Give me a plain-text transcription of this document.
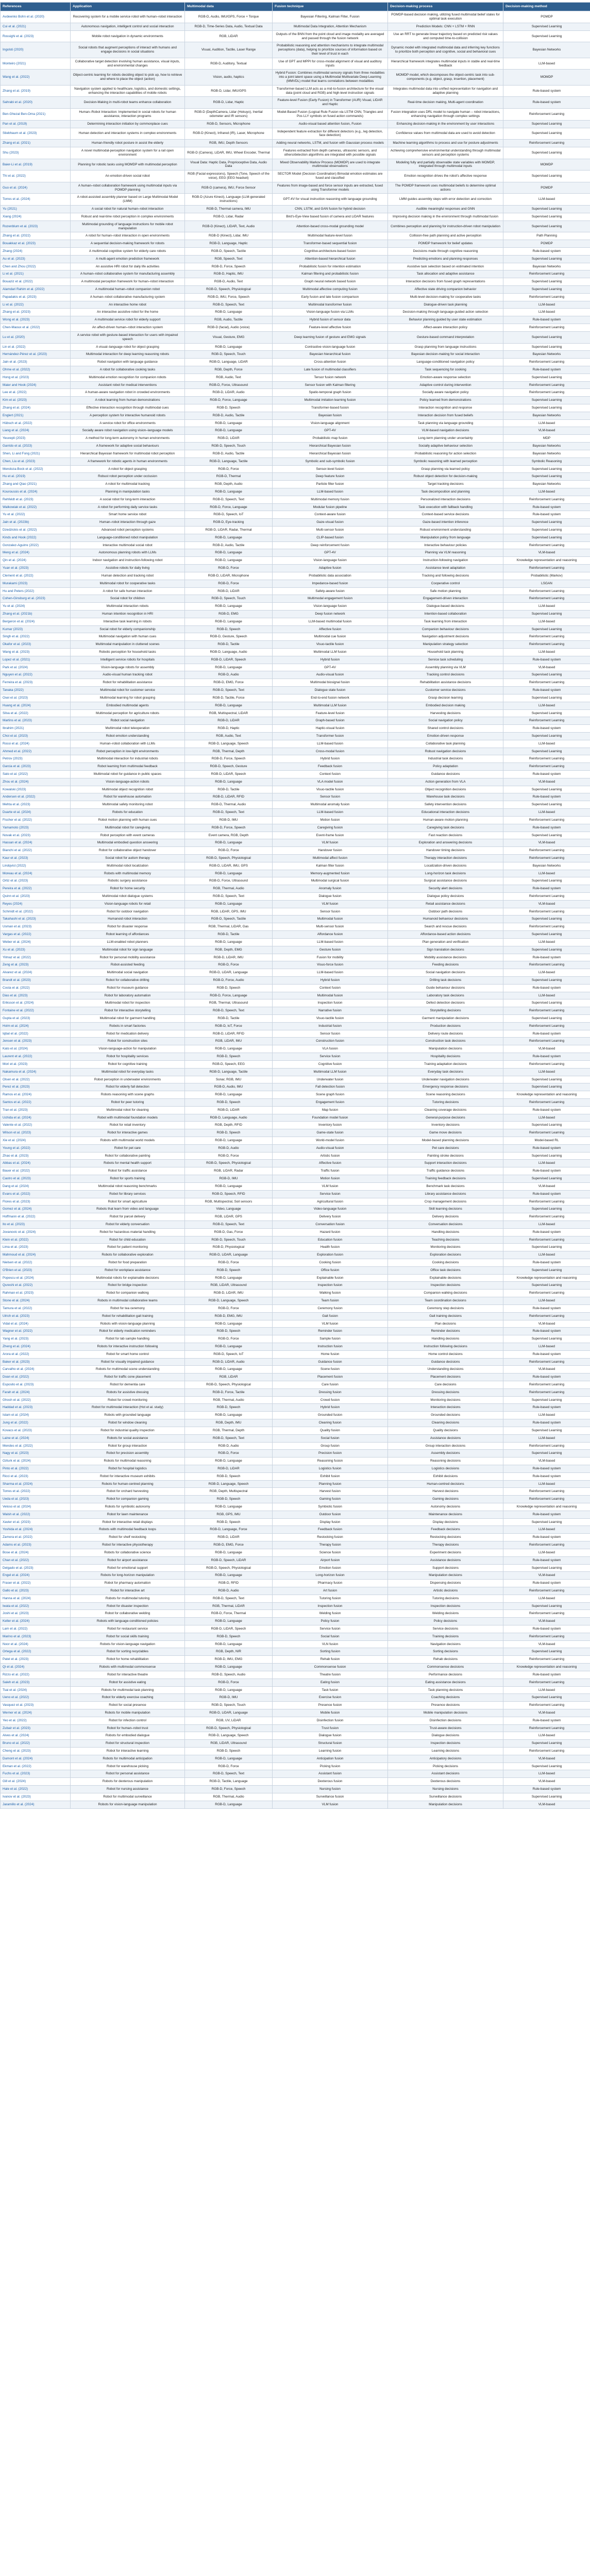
References	Application	Multimodal data	Fusion technique	Decision-making process	Decision-making method
Avdeenko Bohn et al. (2020)	Recovering system for a mobile service robot with human–robot interaction	RGB-D, Audio, IMU/GPS, Force + Torque	Bayesian Filtering, Kalman Filter, Fusion	POMDP-based decision making, utilizing fused multimodal belief states for optimal task execution	POMDP
Cui et al. (2021)	Autonomous navigation, intelligent control and social interaction	RGB-D, Time-Series Data, Audio, Textual Data	Multimodal Data Integration, Attention Mechanism	Prediction Models: CNN + LSTM + RNN	Supervised Learning
Rossighi et al. (2023)	Mobile robot navigation in dynamic environments	RGB, LiDAR	Outputs of the BNN from the point cloud and image modality are averaged and passed through the fusion network	Use an RRT to generate linear trajectory based on predicted risk values and computed time-to-collision	Supervised Learning
Ingolsti (2020)	Social robots that augment perceptions of interact with humans and engage decisions in social situations	Visual, Audition, Tactile, Laser Range	Probabilistic reasoning and attention mechanisms to integrate multimodal perceptions (data), helping to prioritize sources of information based on their level of trust in each	Dynamic model with integrated multimodal data and inferring key functions to prioritize both perception and cognitive, social and behavioral cues	Bayesian Networks
Monteiro (2021)	Collaborative target detection involving human assistance, visual inputs, and environmental changes	RGB-D, Auditory, Textual	Use of GPT and MPPI for cross-modal alignment of visual and auditory inputs	Hierarchical framework integrates multimodal inputs in stable and real-time feedback	LLM-based
Wang et al. (2022)	Object-centric learning for robots deciding object to pick up, how to retrieve and where to place the object (action)	Vision, audio, haptics	Hybrid Fusion: Combines multimodal sensory signals from three modalities into a joint latent space using a Multimodal Multivariate Deep Learning (MMVDL) model that learns correlations between modalities	MOMDP model, which decomposes the object-centric task into sub-components (e.g. object, grasp, insertion, placement)	MOMDP
Zhang et al. (2019)	Navigation system applied to healthcare, logistics, and domestic settings, enhancing the interaction capabilities of mobile robots	RGB-D, Lidar, IMU/GPS	Transformer-based LLM acts as a mid-to-fusion architecture for the visual data (point cloud and RGB) and high-level instruction signals	Integrates multimodal data into unified representation for navigation and adaptive planning	Rule-based system
Sahrabi et al. (2020)	Decision-Making in multi-robot teams enhance collaboration	RGB-D, Lidar, Haptic	Feature-level Fusion (Early Fusion) in Transformer (AUR) Visual, LIDAR and Haptic	Real-time decision making, Multi-agent coordination	Rule-based system
Ben-Ghezal Ben-Oma (2021)	Human–Robot Interaction: Implemented in social robots for human assistance, interaction programs	RGB-D (DepthCamera, Lidar (Hokuyo), Inertial odometer and IR sensors)	Model-Based Fusion (Logical Rule Fusion via LSTM CNN, Triangles and Pos LLY symbols on fused action commands)	Fusion integration uses DRL model to navigate human – robot interactions, enhancing navigation through complex settings	Reinforcement Learning
Pan et al. (2019)	Determining interaction initiation by commonplace cues	RGB-D, Sensors, Microphone	Audio-visual based attention fusion, Fusion	Enhancing decision-making in the environment by user interactions	Supervised Learning
Stiebhaum et al. (2023)	Human detection and interaction systems in complex environments	RGB-D (Kinect), Infrared (IR), Laser, Microphone	Independent feature extraction for different detectors (e.g., leg detection, face detection)	Confidence values from multimodal data are used to avoid detection	Supervised Learning
Zhang et al. (2021)	Human-friendly robot posture in assist the elderly	RGB, IMU, Depth Sensors	Adding neural networks, LSTM, and fusion with Gaussian process models	Machine learning algorithms to process and use for posture adjustments	Reinforcement Learning
Shu (2023)	A novel multimodal-perception navigation system for a rail open environment	RGB-D (Camera), LiDAR, IMU, Wheel Encoder, Thermal	Features extracted from depth cameras, ultrasonic sensors, and others/detection algorithms are integrated with possible signals	Achieving comprehensive environmental understanding through multimodal sensors and perception systems	Supervised Learning
Baier-Li et al. (2019)	Planning for robotic tasks using MOMDP with multimodal perception	Visual Data: Haptic Data, Proprioceptive Data, Audio Data	Mixed Observability Markov Process (MOMDP) are used to integrate multimodal observations	Modeling fully and partially observable state variables with MOMDP, integrated through multimodal inputs	MOMDP
Thi et al. (2022)	An emotion-driven social robot	RGB (Facial expressions), Speech (Tone, Speech of the voice), EEG (EEG headset)	SECTOR Model (Decision Coordination) Bimodal emotion estimates are fused and classified	Emotion recognition drives the robot's affective response	Supervised Learning
Guo et al. (2024)	A human–robot collaboration framework using multimodal inputs via POMDP planning	RGB-D (camera), IMU, Force Sensor	Features from image-based and force sensor inputs are extracted, fused using Transformer models	The POMDP framework uses multimodal beliefs to determine optimal actions	POMDP
Torres et al. (2024)	A robot-assisted assembly planner based on Large Multimodal Model (LMM)	RGB-D (Azure Kinect), Language (LLM-generated instructions)	GPT-4V for visual instruction reasoning with language grounding	LMM guides assembly steps with error detection and correction	LLM-based
Yu (2021)	A social robot for natural human–robot interaction	RGB-D, Thermal camera, IMU	CNN, LSTM, and GAN fusion for hybrid decision	Audible meaningful responses and GNN	Supervised Learning
Xiang (2024)	Robust and real-time robot perception in complex environments	RGB-D, Lidar, Radar	Bird's-Eye-View based fusion of camera and LiDAR features	Improving decision making in the environment through multimodal fusion	Supervised Learning
Rozenblum et al. (2023)	Multimodal grounding of language instructions for mobile robot manipulation	RGB-D (Kinect), LIDAR, Text, Audio	Attention-based cross-modal grounding model	Combines perception and planning for instruction-driven robot manipulation	Supervised Learning
Zhang et al. (2022)	A robot for human–robot interaction in open environments	RGB-D (Kinect), Lidar, IMU	Multimodal feature-level fusion	Collision-free path planning and active perception	Path Planning
Bouakkaz et al. (2023)	A sequential decision-making framework for robots	RGB-D, Language, Haptic	Transformer-based sequential fusion	POMDP framework for belief updates	POMDP
Zhang (2024)	A multimodal cognitive system for elderly care robots	RGB-D, Speech, Tactile	Cognitive-architecture-based fusion	Decisions made through cognitive reasoning	Rule-based system
Au et al. (2023)	A multi-agent emotion prediction framework	RGB, Speech, Text	Attention-based hierarchical fusion	Predicting emotions and planning responses	Supervised Learning
Chen and Zhou (2022)	An assistive HRI robot for daily life activities	RGB-D, Force, Speech	Probabilistic fusion for intention estimation	Assistive task selection based on estimated intention	Bayesian Networks
Li et al. (2021)	A human–robot collaborative system for manufacturing assembly	RGB-D, Haptic, IMU	Kalman filtering and probabilistic fusion	Task allocation and adaptive assistance	Reinforcement Learning
Bouaziz et al. (2022)	A multimodal perception framework for human–robot interaction	RGB-D, Audio, Text	Graph neural network based fusion	Interaction decisions from fused graph representations	Supervised Learning
Alamdari Rahim et al. (2022)	A multimodal human–robot companion robot	RGB-D, Speech, Physiological	Multimodal affective computing fusion	Affective state driving companion behavior	Supervised Learning
Papadakis et al. (2023)	A human–robot collaborative manufacturing system	RGB-D, IMU, Force, Speech	Early fusion and late fusion comparison	Multi-level decision-making for cooperative tasks	Reinforcement Learning
Li et al. (2022)	An interactive home robot	RGB-D, Speech, Text	Multimodal transformer fusion	Dialogue-driven task planning	LLM-based
Zhang et al. (2023)	An interactive assistive robot for the home	RGB-D, Language	Vision-language fusion via LLMs	Decision-making through language-guided action selection	LLM-based
Wong et al. (2023)	A multimodal service robot for elderly support	RGB, Audio, Tactile	Hybrid fusion of sensor data	Behavior planning guided by user state estimation	Rule-based system
Chen-Maoux et al. (2022)	An affect-driven human–robot interaction system	RGB-D (facial), Audio (voice)	Feature-level affective fusion	Affect-aware interaction policy	Reinforcement Learning
Lu et al. (2020)	A service robot with gesture-based interaction for users with impaired speech	Visual, Gesture, EMG	Deep learning fusion of gesture and EMG signals	Gesture-based command interpretation	Supervised Learning
Lin et al. (2022)	A visual–language robot for object grasping	RGB-D, Language	Contrastive vision-language fusion	Grasp planning from language instructions	Supervised Learning
Hernández-Pérez et al. (2023)	Multimodal interaction for deep learning reasoning robots	RGB-D, Speech, Touch	Bayesian hierarchical fusion	Bayesian decision-making for social interaction	Bayesian Networks
Jain et al. (2023)	Robot navigation with language guidance	RGB-D, Language, LiDAR	Cross-attention fusion	Language-conditioned navigation policy	Reinforcement Learning
Ohme et al. (2022)	A robot for collaborative cooking tasks	RGB, Depth, Force	Late fusion of multimodal classifiers	Task sequencing for cooking	Rule-based system
Hong et al. (2023)	Multimodal emotion recognition for companion robots	RGB, Audio, Text	Tensor fusion network	Emotion-aware response selection	Supervised Learning
Maier and Hook (2024)	Assistant robot for medical interventions	RGB-D, Force, Ultrasound	Sensor fusion with Kalman filtering	Adaptive control during intervention	Reinforcement Learning
Lee et al. (2022)	A human-aware navigation robot in crowded environments	RGB-D, LiDAR, Audio	Spatio-temporal graph fusion	Socially aware navigation policy	Reinforcement Learning
Kim et al. (2023)	A robot learning from human demonstrations	RGB-D, Force, Language	Multimodal imitation learning fusion	Policy learned from demonstrations	Supervised Learning
Zhang et al. (2024)	Effective interaction recognition through multimodal cues	RGB-D, Speech	Transformer-based fusion	Interaction recognition and response	Supervised Learning
Englert (2021)	A perception system for interactive humanoid robots	RGB-D, Audio, Tactile	Bayesian fusion	Interaction decision from fused beliefs	Bayesian Networks
Hübsch et al. (2022)	A service robot for office environments	RGB-D, Language	Vision-language alignment	Task planning via language grounding	LLM-based
Liang et al. (2024)	Socially aware robot navigation using vision–language models	RGB-D, Language	GPT-4V	VLM-based navigation decisions	VLM-based
Yeuvepli (2023)	A method for long-term autonomy in human environments	RGB-D, LiDAR	Probabilistic map fusion	Long-term planning under uncertainty	MDP
Garrido et al. (2023)	A framework for adaptive social behaviours	RGB-D, Speech, Touch	Hierarchical Bayesian fusion	Socially adaptive behaviour selection	Bayesian Networks
Shen, Li and Fong (2021)	Hierarchical Bayesian framework for multimodal robot perception	RGB-D, Audio, Tactile	Hierarchical Bayesian fusion	Probabilistic reasoning for action selection	Bayesian Networks
Chen, Liu et al. (2023)	A framework for robotic agents in human environments	RGB-D, Language, Tactile	Symbolic and sub-symbolic fusion	Symbolic reasoning with learned perception	Symbolic Reasoning
Mendoza-Bock et al. (2022)	A robot for object grasping	RGB-D, Force	Sensor-level fusion	Grasp planning via learned policy	Supervised Learning
Hu et al. (2019)	Robust robot perception under occlusion	RGB-D, Thermal	Deep feature fusion	Robust object detection for decision-making	Supervised Learning
Zhang and Qiao (2021)	A robot for multimodal tracking	RGB, Depth, Audio	Particle filter fusion	Target tracking decisions	Bayesian Networks
Kouroussis et al. (2024)	Planning in manipulation tasks	RGB-D, Language	LLM-based fusion	Task decomposition and planning	LLM-based
Rehfeldt et al. (2023)	A social robot for long-term interaction	RGB-D, Speech, Text	Multimodal memory fusion	Personalized interaction decisions	Reinforcement Learning
Walkowiak et al. (2022)	A robot for performing daily service tasks	RGB-D, Force, Language	Modular fusion pipeline	Task execution with fallback handling	Rule-based system
Yu et al. (2022)	Smart home service robot	RGB-D, Speech, IoT	Context-aware fusion	Context-based service decisions	Rule-based system
Jain et al. (2023b)	Human–robot interaction through gaze	RGB-D, Eye-tracking	Gaze-visual fusion	Gaze-based intention inference	Supervised Learning
Dzedzickis et al. (2022)	Advanced robot perception systems	RGB-D, LiDAR, Radar, Thermal	Multi-sensor fusion	Robust environment understanding	Supervised Learning
Kinds and Hook (2022)	Language-conditioned robot manipulation	RGB-D, Language	CLIP-based fusion	Manipulation policy from language	Supervised Learning
Gonzalez-Aguirre (2022)	Interactive multimodal social robot	RGB-D, Audio, Tactile	Deep reinforcement fusion	Interactive behaviour policies	Reinforcement Learning
Meng et al. (2024)	Autonomous planning robots with LLMs	RGB-D, Language	GPT-4V	Planning via VLM reasoning	VLM-based
Qin et al. (2024)	Indoor navigation and instruction-following robot	RGB-D, Language	Vision-language fusion	Instruction-following navigation	Knowledge representation and reasoning
Yuan et al. (2023)	Assistive robots for daily living	RGB-D, Force	Adaptive fusion	Assistance level adaptation	Reinforcement Learning
Clement et al. (2022)	Human detection and tracking robot	RGB-D, LiDAR, Microphone	Probabilistic data association	Tracking and following decisions	Probabilistic (Markov)
Murakami (2023)	Multimodal robot for cooperative tasks	RGB-D, Force	Impedance-based fusion	Cooperative control	LSGAN
Hu and Peters (2022)	A robot for safe human interaction	RGB-D, LiDAR	Safety-aware fusion	Safe motion planning	Reinforcement Learning
Cohen-Ginsburg et al. (2023)	Social robot for children	RGB-D, Speech, Touch	Multimodal engagement fusion	Engagement-driven interaction	Reinforcement Learning
Yu et al. (2024)	Multimodal interaction robots	RGB-D, Language	Vision-language fusion	Dialogue-based decisions	LLM-based
Zhang et al. (2021b)	Human intention recognition in HRI	RGB-D, EMG	Deep fusion network	Intention-based collaboration	Supervised Learning
Bergeron et al. (2024)	Interactive task learning in robots	RGB-D, Language	LLM-based multimodal fusion	Task learning from interaction	LLM-based
Kumar (2023)	Social robot for elderly companionship	RGB-D, Speech	Affective fusion	Companion behaviour decisions	Supervised Learning
Singh et al. (2022)	Multimodal navigation with human cues	RGB-D, Gesture, Speech	Multimodal cue fusion	Navigation adjustment decisions	Reinforcement Learning
Okafor et al. (2023)	Multimodal manipulation in cluttered scenes	RGB-D, Tactile	Visuo-tactile fusion	Manipulation strategy selection	Reinforcement Learning
Wang et al. (2023)	Robotic perception for household tasks	RGB-D, Language, Audio	Multimodal LLM fusion	Household task planning	LLM-based
Lopez et al. (2021)	Intelligent service robots for hospitals	RGB-D, LiDAR, Speech	Hybrid fusion	Service task scheduling	Rule-based system
Park et al. (2024)	Vision-language robots for assembly	RGB-D, Language	GPT-4V	Assembly planning via VLM	VLM-based
Nguyen et al. (2022)	Audio-visual human tracking robot	RGB-D, Audio	Audio-visual fusion	Tracking control decisions	Supervised Learning
Ferreira et al. (2023)	Robot for rehabilitation assistance	RGB-D, EMG, Force	Multimodal biosignal fusion	Rehabilitation assistance decisions	Reinforcement Learning
Tanaka (2022)	Multimodal robot for customer service	RGB-D, Speech, Text	Dialogue state fusion	Customer service decisions	Rule-based system
Osei et al. (2023)	Multimodal learning for robot grasping	RGB-D, Tactile, Force	End-to-end fusion network	Grasp decision learning	Supervised Learning
Huang et al. (2024)	Embodied multimodal agents	RGB-D, Language	Multimodal LLM fusion	Embodied decision making	LLM-based
Silva et al. (2022)	Multimodal perception for agriculture robots	RGB, Multispectral, LiDAR	Feature-level fusion	Harvesting decisions	Supervised Learning
Martins et al. (2023)	Robot social navigation	RGB-D, LiDAR	Graph-based fusion	Social navigation policy	Reinforcement Learning
Ibrahim (2021)	Multimodal robot teleoperation	RGB-D, Haptic	Haptic-visual fusion	Shared control decisions	Rule-based system
Choi et al. (2023)	Robot emotion understanding	RGB, Audio, Text	Transformer fusion	Emotion-driven response	Supervised Learning
Rossi et al. (2024)	Human–robot collaboration with LLMs	RGB-D, Language, Speech	LLM-based fusion	Collaborative task planning	LLM-based
Ahmed et al. (2022)	Robot perception in low-light environments	RGB, Thermal, Depth	Cross-modal fusion	Robust navigation decisions	Supervised Learning
Petrov (2023)	Multimodal interaction for industrial robots	RGB-D, Force, Speech	Hybrid fusion	Industrial task decisions	Reinforcement Learning
Garcia et al. (2023)	Robot learning from multimodal feedback	RGB-D, Speech, Gesture	Feedback fusion	Policy adaptation	Reinforcement Learning
Sato et al. (2022)	Multimodal robot for guidance in public spaces	RGB-D, LiDAR, Speech	Context fusion	Guidance decisions	Rule-based system
Zhou et al. (2024)	Vision-language-action robots	RGB-D, Language	VLA model fusion	Action generation from VLA	VLM-based
Kowalski (2023)	Multimodal object recognition robot	RGB-D, Tactile	Visuo-tactile fusion	Object recognition decisions	Supervised Learning
Andersen et al. (2022)	Robot for warehouse automation	RGB-D, LiDAR, RFID	Sensor fusion	Warehouse task decisions	Rule-based system
Mehta et al. (2023)	Multimodal safety monitoring robot	RGB-D, Thermal, Audio	Multimodal anomaly fusion	Safety intervention decisions	Supervised Learning
Duarte et al. (2024)	Robots for education	RGB-D, Speech, Text	LLM-based fusion	Educational interaction decisions	LLM-based
Fischer et al. (2022)	Robot motion planning with human cues	RGB-D, IMU	Motion fusion	Human-aware motion planning	Reinforcement Learning
Yamamoto (2023)	Multimodal robot for caregiving	RGB-D, Force, Speech	Caregiving fusion	Caregiving task decisions	Rule-based system
Novak et al. (2023)	Robot perception with event cameras	Event camera, RGB, Depth	Event-frame fusion	Fast reaction decisions	Supervised Learning
Hassan et al. (2024)	Multimodal embodied question answering	RGB-D, Language	VLM fusion	Exploration and answering decisions	VLM-based
Bianchi et al. (2022)	Robot for collaborative object handover	RGB-D, Force	Handover fusion	Handover timing decisions	Reinforcement Learning
Kaur et al. (2023)	Social robot for autism therapy	RGB-D, Speech, Physiological	Multimodal affect fusion	Therapy interaction decisions	Reinforcement Learning
Lindqvist (2022)	Multimodal robot localization	RGB-D, LiDAR, IMU, GPS	Kalman filter fusion	Localization-driven decisions	Bayesian Networks
Moreau et al. (2024)	Robots with multimodal memory	RGB-D, Language	Memory-augmented fusion	Long-horizon task decisions	LLM-based
Ortiz et al. (2023)	Robotic surgery assistance	RGB-D, Force, Ultrasound	Multimodal surgical fusion	Surgical assistance decisions	Supervised Learning
Pereira et al. (2022)	Robot for home security	RGB, Thermal, Audio	Anomaly fusion	Security alert decisions	Rule-based system
Quinn et al. (2023)	Multimodal robot dialogue systems	RGB-D, Speech, Text	Dialogue fusion	Dialogue policy decisions	Reinforcement Learning
Reyes (2024)	Vision-language robots for retail	RGB-D, Language	VLM fusion	Retail assistance decisions	VLM-based
Schmidt et al. (2022)	Robot for outdoor navigation	RGB, LiDAR, GPS, IMU	Sensor fusion	Outdoor path decisions	Reinforcement Learning
Takahashi et al. (2023)	Humanoid robot interaction	RGB-D, Speech, Tactile	Multimodal fusion	Humanoid behaviour decisions	Supervised Learning
Usman et al. (2023)	Robot for disaster response	RGB, Thermal, LiDAR, Gas	Multi-sensor fusion	Search and rescue decisions	Reinforcement Learning
Vargas et al. (2022)	Robot learning of affordances	RGB-D, Tactile	Affordance fusion	Affordance-based action decisions	Supervised Learning
Weber et al. (2024)	LLM-enabled robot planners	RGB-D, Language	LLM-based fusion	Plan generation and verification	LLM-based
Xu et al. (2023)	Multimodal robot for sign language	RGB, Depth, EMG	Gesture fusion	Sign translation decisions	Supervised Learning
Yilmaz et al. (2022)	Robot for personal mobility assistance	RGB-D, LiDAR, IMU	Fusion for mobility	Mobility assistance decisions	Rule-based system
Zeng et al. (2023)	Robot-assisted feeding	RGB-D, Force	Visuo-force fusion	Feeding decisions	Reinforcement Learning
Alvarez et al. (2024)	Multimodal social navigation	RGB-D, LiDAR, Language	LLM-based fusion	Social navigation decisions	LLM-based
Brandt et al. (2023)	Robot for collaborative drilling	RGB-D, Force, Audio	Hybrid fusion	Drilling task decisions	Supervised Learning
Costa et al. (2022)	Robot for museum guidance	RGB-D, Speech	Context fusion	Guide behaviour decisions	Rule-based system
Dias et al. (2023)	Robot for laboratory automation	RGB-D, Force, Language	Multimodal fusion	Laboratory task decisions	LLM-based
Eriksson et al. (2024)	Multimodal robot for inspection	RGB, Thermal, Ultrasound	Inspection fusion	Defect detection decisions	Supervised Learning
Fontaine et al. (2022)	Robot for interactive storytelling	RGB-D, Speech, Text	Narrative fusion	Storytelling decisions	Reinforcement Learning
Gupta et al. (2023)	Multimodal robot for garment handling	RGB-D, Tactile	Visuo-tactile fusion	Garment manipulation decisions	Supervised Learning
Holm et al. (2024)	Robots in smart factories	RGB-D, IoT, Force	Industrial fusion	Production decisions	Reinforcement Learning
Iqbal et al. (2022)	Robot for medication delivery	RGB-D, LiDAR, RFID	Sensor fusion	Delivery route decisions	Rule-based system
Jensen et al. (2023)	Robot for construction sites	RGB, LiDAR, IMU	Construction fusion	Construction task decisions	Reinforcement Learning
Kato et al. (2024)	Vision-language-action for manipulation	RGB-D, Language	VLA fusion	Manipulation decisions	VLM-based
Laurent et al. (2022)	Robot for hospitality services	RGB-D, Speech	Service fusion	Hospitality decisions	Rule-based system
Mori et al. (2023)	Robot for cognitive training	RGB-D, Speech, EEG	Cognitive fusion	Training adaptation decisions	Reinforcement Learning
Nakamura et al. (2024)	Multimodal robot for everyday tasks	RGB-D, Language, Tactile	Multimodal LLM fusion	Everyday task decisions	LLM-based
Olsen et al. (2022)	Robot perception in underwater environments	Sonar, RGB, IMU	Underwater fusion	Underwater navigation decisions	Supervised Learning
Perez et al. (2023)	Robot for elderly fall detection	RGB-D, Audio, IMU	Fall detection fusion	Emergency response decisions	Supervised Learning
Ramos et al. (2024)	Robots reasoning with scene graphs	RGB-D, Language	Scene graph fusion	Scene reasoning decisions	Knowledge representation and reasoning
Santos et al. (2022)	Robot for peer tutoring	RGB-D, Speech	Engagement fusion	Tutoring decisions	Reinforcement Learning
Tran et al. (2023)	Multimodal robot for cleaning	RGB-D, LiDAR	Map fusion	Cleaning coverage decisions	Rule-based system
Uchida et al. (2024)	Robot with multimodal foundation models	RGB-D, Language, Audio	Foundation model fusion	General-purpose decisions	LLM-based
Valente et al. (2022)	Robot for retail inventory	RGB, Depth, RFID	Inventory fusion	Inventory decisions	Supervised Learning
Wilson et al. (2023)	Robot for interactive games	RGB-D, Speech	Game-state fusion	Game move decisions	Reinforcement Learning
Xie et al. (2024)	Robots with multimodal world models	RGB-D, Language	World-model fusion	Model-based planning decisions	Model-based RL
Young et al. (2022)	Robot for pet care	RGB-D, Audio	Audio-visual fusion	Pet care decisions	Rule-based system
Zhao et al. (2023)	Robot for collaborative painting	RGB-D, Force	Artistic fusion	Painting stroke decisions	Supervised Learning
Abbas et al. (2024)	Robots for mental health support	RGB-D, Speech, Physiological	Affective fusion	Support interaction decisions	LLM-based
Bauer et al. (2022)	Robot for traffic assistance	RGB, LiDAR, Radar	Traffic fusion	Traffic guidance decisions	Rule-based system
Castro et al. (2023)	Robot for sports training	RGB-D, IMU	Motion fusion	Training feedback decisions	Supervised Learning
Dang et al. (2024)	Multimodal robot reasoning benchmarks	RGB-D, Language	VLM fusion	Benchmark task decisions	VLM-based
Evans et al. (2022)	Robot for library services	RGB-D, Speech, RFID	Service fusion	Library assistance decisions	Rule-based system
Flores et al. (2023)	Robot for smart agriculture	RGB, Multispectral, Soil sensors	Agricultural fusion	Crop management decisions	Reinforcement Learning
Gomez et al. (2024)	Robots that learn from video and language	Video, Language	Video-language fusion	Skill learning decisions	Supervised Learning
Hoffmann et al. (2022)	Robot for parcel delivery	RGB, LiDAR, GPS	Delivery fusion	Delivery decisions	Reinforcement Learning
Ito et al. (2023)	Robot for elderly conversation	RGB-D, Speech, Text	Conversation fusion	Conversation decisions	LLM-based
Jovanovic et al. (2024)	Robot for hazardous material handling	RGB-D, Gas, Force	Hazard fusion	Handling decisions	Rule-based system
Klein et al. (2022)	Robot for child education	RGB-D, Speech, Touch	Education fusion	Teaching decisions	Reinforcement Learning
Lima et al. (2023)	Robot for patient monitoring	RGB-D, Physiological	Health fusion	Monitoring decisions	Supervised Learning
Mahmoud et al. (2024)	Robots for collaborative exploration	RGB-D, LiDAR, Language	Exploration fusion	Exploration decisions	LLM-based
Nielsen et al. (2022)	Robot for food preparation	RGB-D, Force	Cooking fusion	Cooking decisions	Rule-based system
O'Brien et al. (2023)	Robot for workplace assistance	RGB-D, Speech	Office fusion	Office task decisions	Supervised Learning
Popescu et al. (2024)	Multimodal robots for explainable decisions	RGB-D, Language	Explainable fusion	Explainable decisions	Knowledge representation and reasoning
Qureshi et al. (2022)	Robot for bridge inspection	RGB, LiDAR, Ultrasound	Inspection fusion	Inspection decisions	Supervised Learning
Rahman et al. (2023)	Robot for companion walking	RGB-D, LiDAR, IMU	Walking fusion	Companion walking decisions	Reinforcement Learning
Stone et al. (2024)	Robots in multimodal collaborative teams	RGB-D, Language, Speech	Team fusion	Team coordination decisions	LLM-based
Tamura et al. (2022)	Robot for tea ceremony	RGB-D, Force	Ceremony fusion	Ceremony step decisions	Rule-based system
Ulrich et al. (2023)	Robot for rehabilitation gait training	RGB-D, EMG, IMU	Gait fusion	Gait training decisions	Reinforcement Learning
Vidal et al. (2024)	Robots with vision-language planning	RGB-D, Language	VLM fusion	Plan decisions	VLM-based
Wagner et al. (2022)	Robot for elderly medication reminders	RGB-D, Speech	Reminder fusion	Reminder decisions	Rule-based system
Yang et al. (2023)	Robot for lab sample handling	RGB-D, Force	Sample fusion	Handling decisions	Supervised Learning
Zheng et al. (2024)	Robots for interactive instruction following	RGB-D, Language	Instruction fusion	Instruction following decisions	LLM-based
Arora et al. (2022)	Robot for smart home control	RGB-D, Speech, IoT	Home fusion	Home control decisions	Rule-based system
Baker et al. (2023)	Robot for visually impaired guidance	RGB-D, LiDAR, Audio	Guidance fusion	Guidance decisions	Reinforcement Learning
Carvalho et al. (2024)	Robots for multimodal scene understanding	RGB-D, Language	Scene fusion	Understanding decisions	VLM-based
Doan et al. (2022)	Robot for traffic cone placement	RGB, LiDAR	Placement fusion	Placement decisions	Rule-based system
Esposito et al. (2023)	Robot for dementia care	RGB-D, Speech, Physiological	Care fusion	Care decisions	Reinforcement Learning
Farah et al. (2024)	Robots for assistive dressing	RGB-D, Force, Tactile	Dressing fusion	Dressing decisions	Reinforcement Learning
Ghosh et al. (2022)	Robot for crowd monitoring	RGB, Thermal, Audio	Crowd fusion	Monitoring decisions	Supervised Learning
Haddad et al. (2023)	Robot for multimodal interaction (Hot et al. study)	RGB-D, Speech	Hybrid fusion	Interaction decisions	Rule-based system
Islam et al. (2024)	Robots with grounded language	RGB-D, Language	Grounded fusion	Grounded decisions	LLM-based
Jung et al. (2022)	Robot for window cleaning	RGB, Depth, IMU	Cleaning fusion	Cleaning decisions	Rule-based system
Kovacs et al. (2023)	Robot for industrial quality inspection	RGB, Thermal, Depth	Quality fusion	Quality decisions	Supervised Learning
Laine et al. (2024)	Robots for social assistance	RGB-D, Speech, Text	Social fusion	Assistance decisions	LLM-based
Mendes et al. (2022)	Robot for group interaction	RGB-D, Audio	Group fusion	Group interaction decisions	Reinforcement Learning
Nagy et al. (2023)	Robot for precision assembly	RGB-D, Force	Precision fusion	Assembly decisions	Supervised Learning
Ozturk et al. (2024)	Robots for multimodal reasoning	RGB-D, Language	Reasoning fusion	Reasoning decisions	VLM-based
Pinto et al. (2022)	Robot for hospital logistics	RGB-D, LiDAR	Logistics fusion	Logistics decisions	Rule-based system
Ricci et al. (2023)	Robot for interactive museum exhibits	RGB-D, Speech	Exhibit fusion	Exhibit decisions	Rule-based system
Sharma et al. (2024)	Robots for human-centred planning	RGB-D, Language, Speech	Planning fusion	Human-centred decisions	LLM-based
Torres et al. (2022)	Robot for orchard harvesting	RGB, Depth, Multispectral	Harvest fusion	Harvest decisions	Reinforcement Learning
Ueda et al. (2023)	Robot for companion gaming	RGB-D, Speech	Gaming fusion	Gaming decisions	Reinforcement Learning
Veloso et al. (2024)	Robots for symbiotic autonomy	RGB-D, Language	Symbiotic fusion	Autonomy decisions	Knowledge representation and reasoning
Walsh et al. (2022)	Robot for lawn maintenance	RGB, GPS, IMU	Outdoor fusion	Maintenance decisions	Rule-based system
Xavier et al. (2023)	Robot for interactive retail displays	RGB-D, Speech	Display fusion	Display decisions	Supervised Learning
Yoshida et al. (2024)	Robots with multimodal feedback loops	RGB-D, Language, Force	Feedback fusion	Feedback decisions	LLM-based
Zamora et al. (2022)	Robot for shelf restocking	RGB-D, LiDAR	Restocking fusion	Restocking decisions	Rule-based system
Adams et al. (2023)	Robot for interactive physiotherapy	RGB-D, EMG, Force	Therapy fusion	Therapy decisions	Reinforcement Learning
Bose et al. (2024)	Robots for collaborative science	RGB-D, Language	Science fusion	Experiment decisions	LLM-based
Chan et al. (2022)	Robot for airport assistance	RGB-D, Speech, LiDAR	Airport fusion	Assistance decisions	Rule-based system
Delgado et al. (2023)	Robot for emotional support	RGB-D, Speech, Physiological	Emotion fusion	Support decisions	Supervised Learning
Engel et al. (2024)	Robots for long-horizon manipulation	RGB-D, Language	Long-horizon fusion	Manipulation decisions	VLM-based
Fraser et al. (2022)	Robot for pharmacy automation	RGB-D, RFID	Pharmacy fusion	Dispensing decisions	Rule-based system
Gallo et al. (2023)	Robot for interactive art	RGB-D, Audio	Art fusion	Artistic decisions	Reinforcement Learning
Hanna et al. (2024)	Robots for multimodal tutoring	RGB-D, Speech, Text	Tutoring fusion	Tutoring decisions	LLM-based
Iwata et al. (2022)	Robot for disaster inspection	RGB, Thermal, LiDAR	Inspection fusion	Inspection decisions	Supervised Learning
Joshi et al. (2023)	Robot for collaborative welding	RGB-D, Force, Thermal	Welding fusion	Welding decisions	Reinforcement Learning
Keller et al. (2024)	Robots with language-conditioned policies	RGB-D, Language	Policy fusion	Policy decisions	VLM-based
Lam et al. (2022)	Robot for restaurant service	RGB-D, LiDAR, Speech	Service fusion	Service decisions	Rule-based system
Marino et al. (2023)	Robot for social skills training	RGB-D, Speech	Social fusion	Training decisions	Reinforcement Learning
Noor et al. (2024)	Robots for vision-language navigation	RGB-D, Language	VLN fusion	Navigation decisions	VLM-based
Ortega et al. (2022)	Robot for sorting recyclables	RGB, Depth, NIR	Sorting fusion	Sorting decisions	Supervised Learning
Patel et al. (2023)	Robot for home rehabilitation	RGB-D, IMU, EMG	Rehab fusion	Rehab decisions	Reinforcement Learning
Qi et al. (2024)	Robots with multimodal commonsense	RGB-D, Language	Commonsense fusion	Commonsense decisions	Knowledge representation and reasoning
Rizzo et al. (2022)	Robot for interactive theatre	RGB-D, Speech, Audio	Theatre fusion	Performance decisions	Rule-based system
Saleh et al. (2023)	Robot for assistive eating	RGB-D, Force	Eating fusion	Eating assistance decisions	Reinforcement Learning
Tsai et al. (2024)	Robots for multimodal task planning	RGB-D, Language	Task fusion	Task planning decisions	LLM-based
Ueno et al. (2022)	Robot for elderly exercise coaching	RGB-D, IMU	Exercise fusion	Coaching decisions	Supervised Learning
Vasquez et al. (2023)	Robot for social presence	RGB-D, Speech, Touch	Presence fusion	Presence decisions	Reinforcement Learning
Werner et al. (2024)	Robots for mobile manipulation	RGB-D, LiDAR, Language	Mobile fusion	Mobile manipulation decisions	VLM-based
Yeo et al. (2022)	Robot for infection control	RGB, UV, LiDAR	Disinfection fusion	Disinfection decisions	Rule-based system
Zubair et al. (2023)	Robot for human–robot trust	RGB-D, Speech, Physiological	Trust fusion	Trust-aware decisions	Reinforcement Learning
Alves et al. (2024)	Robots for embodied dialogue	RGB-D, Language, Speech	Dialogue fusion	Dialogue decisions	LLM-based
Bruno et al. (2022)	Robot for structural inspection	RGB, LiDAR, Ultrasound	Structural fusion	Inspection decisions	Supervised Learning
Cheng et al. (2023)	Robot for interactive learning	RGB-D, Speech	Learning fusion	Learning decisions	Reinforcement Learning
Dumont et al. (2024)	Robots for multimodal anticipation	RGB-D, Language	Anticipation fusion	Anticipatory decisions	VLM-based
Ekman et al. (2022)	Robot for warehouse picking	RGB-D, Force	Picking fusion	Picking decisions	Supervised Learning
Fuchs et al. (2023)	Robot for personal assistance	RGB-D, Speech, Text	Assistant fusion	Assistant decisions	LLM-based
Gill et al. (2024)	Robots for dexterous manipulation	RGB-D, Tactile, Language	Dexterous fusion	Dexterous decisions	VLM-based
Hale et al. (2022)	Robot for nursing assistance	RGB-D, Force, Speech	Nursing fusion	Nursing decisions	Rule-based system
Ivanov et al. (2023)	Robot for multimodal surveillance	RGB, Thermal, Audio	Surveillance fusion	Surveillance decisions	Supervised Learning
Jaramillo et al. (2024)	Robots for vision-language manipulation	RGB-D, Language	VLM fusion	Manipulation decisions	VLM-based
